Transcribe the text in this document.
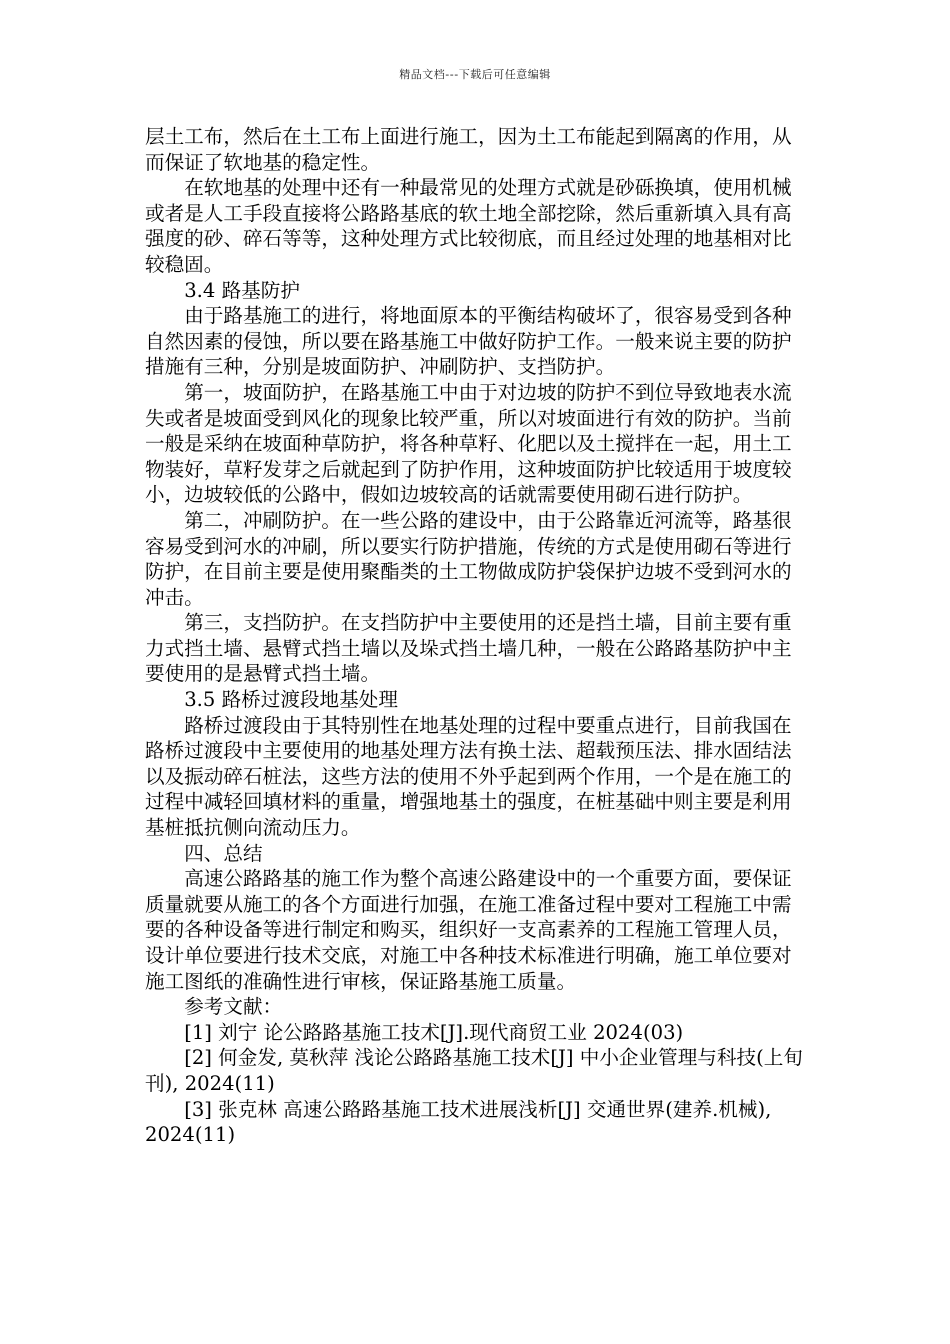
精品文档---下载后可任意编辑

层土工布，然后在土工布上面进行施工，因为土工布能起到隔离的作用，从而保证了软地基的稳定性。

在软地基的处理中还有一种最常见的处理方式就是砂砾换填，使用机械或者是人工手段直接将公路路基底的软土地全部挖除，然后重新填入具有高强度的砂、碎石等等，这种处理方式比较彻底，而且经过处理的地基相对比较稳固。

3.4 路基防护

由于路基施工的进行，将地面原本的平衡结构破坏了，很容易受到各种自然因素的侵蚀，所以要在路基施工中做好防护工作。一般来说主要的防护措施有三种，分别是坡面防护、冲刷防护、支挡防护。

第一，坡面防护，在路基施工中由于对边坡的防护不到位导致地表水流失或者是坡面受到风化的现象比较严重，所以对坡面进行有效的防护。当前一般是采纳在坡面种草防护，将各种草籽、化肥以及土搅拌在一起，用土工物装好，草籽发芽之后就起到了防护作用，这种坡面防护比较适用于坡度较小，边坡较低的公路中，假如边坡较高的话就需要使用砌石进行防护。

第二，冲刷防护。在一些公路的建设中，由于公路靠近河流等，路基很容易受到河水的冲刷，所以要实行防护措施，传统的方式是使用砌石等进行防护，在目前主要是使用聚酯类的土工物做成防护袋保护边坡不受到河水的冲击。

第三，支挡防护。在支挡防护中主要使用的还是挡土墙，目前主要有重力式挡土墙、悬臂式挡土墙以及垛式挡土墙几种，一般在公路路基防护中主要使用的是悬臂式挡土墙。

3.5 路桥过渡段地基处理

路桥过渡段由于其特别性在地基处理的过程中要重点进行，目前我国在路桥过渡段中主要使用的地基处理方法有换土法、超载预压法、排水固结法以及振动碎石桩法，这些方法的使用不外乎起到两个作用，一个是在施工的过程中减轻回填材料的重量，增强地基土的强度，在桩基础中则主要是利用基桩抵抗侧向流动压力。

四、总结

高速公路路基的施工作为整个高速公路建设中的一个重要方面，要保证质量就要从施工的各个方面进行加强，在施工准备过程中要对工程施工中需要的各种设备等进行制定和购买，组织好一支高素养的工程施工管理人员，设计单位要进行技术交底，对施工中各种技术标准进行明确，施工单位要对施工图纸的准确性进行审核，保证路基施工质量。

参考文献：

[1] 刘宁 论公路路基施工技术[J].现代商贸工业 2024(03)

[2] 何金发, 莫秋萍 浅论公路路基施工技术[J] 中小企业管理与科技(上旬刊), 2024(11)

[3] 张克林 高速公路路基施工技术进展浅析[J] 交通世界(建养.机械), 2024(11)
